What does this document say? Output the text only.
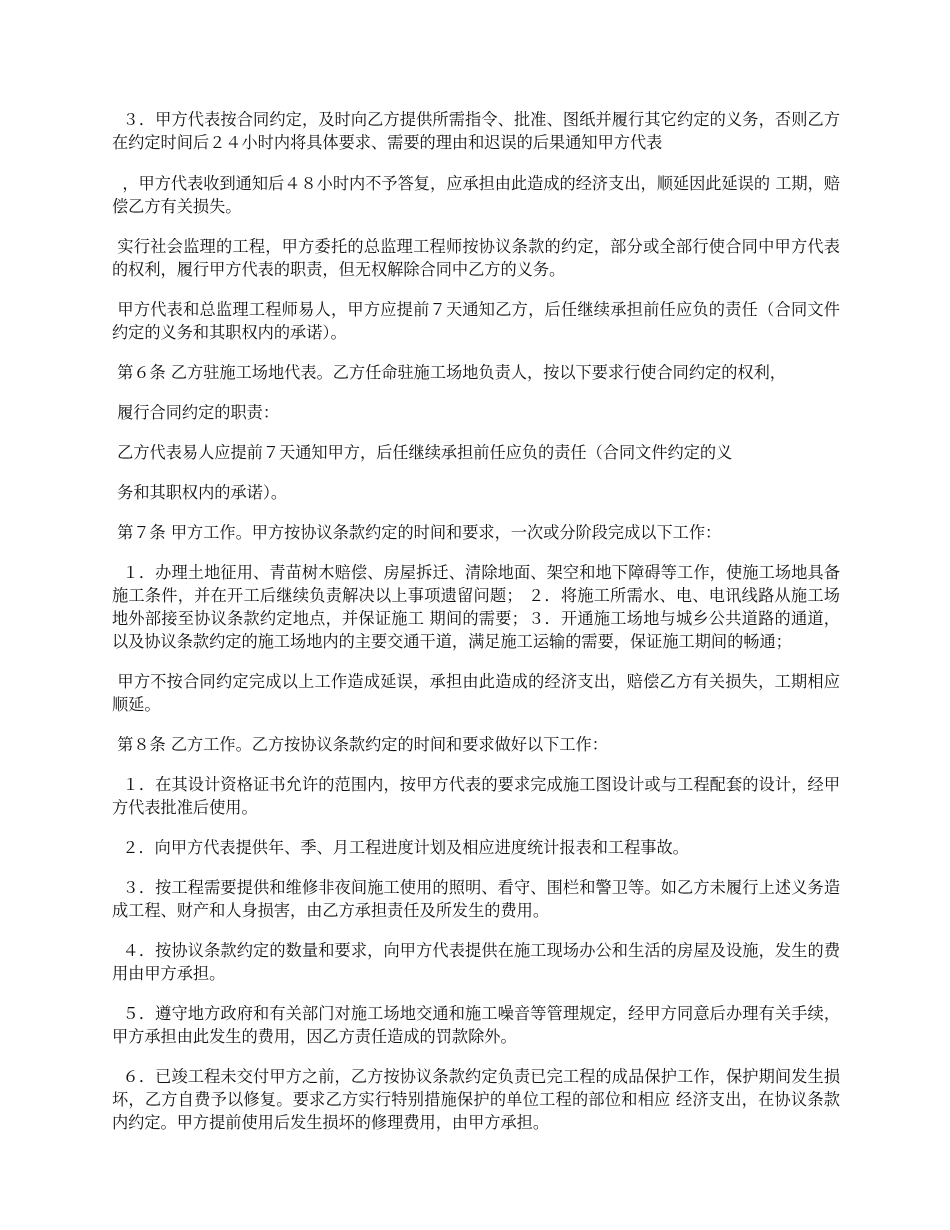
３．甲方代表按合同约定，及时向乙方提供所需指令、批准、图纸并履行其它约定的义务，否则乙方在约定时间后２４小时内将具体要求、需要的理由和迟误的后果通知甲方代表

，甲方代表收到通知后４８小时内不予答复，应承担由此造成的经济支出，顺延因此延误的 工期，赔偿乙方有关损失。

实行社会监理的工程，甲方委托的总监理工程师按协议条款的约定，部分或全部行使合同中甲方代表的权利，履行甲方代表的职责，但无权解除合同中乙方的义务。

甲方代表和总监理工程师易人，甲方应提前７天通知乙方，后任继续承担前任应负的责任（合同文件约定的义务和其职权内的承诺）。

第６条 乙方驻施工场地代表。乙方任命驻施工场地负责人，按以下要求行使合同约定的权利，

履行合同约定的职责：

乙方代表易人应提前７天通知甲方，后任继续承担前任应负的责任（合同文件约定的义

务和其职权内的承诺）。

第７条 甲方工作。甲方按协议条款约定的时间和要求，一次或分阶段完成以下工作：

１．办理土地征用、青苗树木赔偿、房屋拆迁、清除地面、架空和地下障碍等工作，使施工场地具备施工条件，并在开工后继续负责解决以上事项遗留问题； ２．将施工所需水、电、电讯线路从施工场地外部接至协议条款约定地点，并保证施工 期间的需要；３．开通施工场地与城乡公共道路的通道，以及协议条款约定的施工场地内的主要交通干道，满足施工运输的需要，保证施工期间的畅通；

甲方不按合同约定完成以上工作造成延误，承担由此造成的经济支出，赔偿乙方有关损失，工期相应顺延。

第８条 乙方工作。乙方按协议条款约定的时间和要求做好以下工作：

１．在其设计资格证书允许的范围内，按甲方代表的要求完成施工图设计或与工程配套的设计，经甲方代表批准后使用。

２．向甲方代表提供年、季、月工程进度计划及相应进度统计报表和工程事故。

３．按工程需要提供和维修非夜间施工使用的照明、看守、围栏和警卫等。如乙方未履行上述义务造成工程、财产和人身损害，由乙方承担责任及所发生的费用。

４．按协议条款约定的数量和要求，向甲方代表提供在施工现场办公和生活的房屋及设施，发生的费用由甲方承担。

５．遵守地方政府和有关部门对施工场地交通和施工噪音等管理规定，经甲方同意后办理有关手续，甲方承担由此发生的费用，因乙方责任造成的罚款除外。

６．已竣工程未交付甲方之前，乙方按协议条款约定负责已完工程的成品保护工作，保护期间发生损坏，乙方自费予以修复。要求乙方实行特别措施保护的单位工程的部位和相应 经济支出，在协议条款内约定。甲方提前使用后发生损坏的修理费用，由甲方承担。
